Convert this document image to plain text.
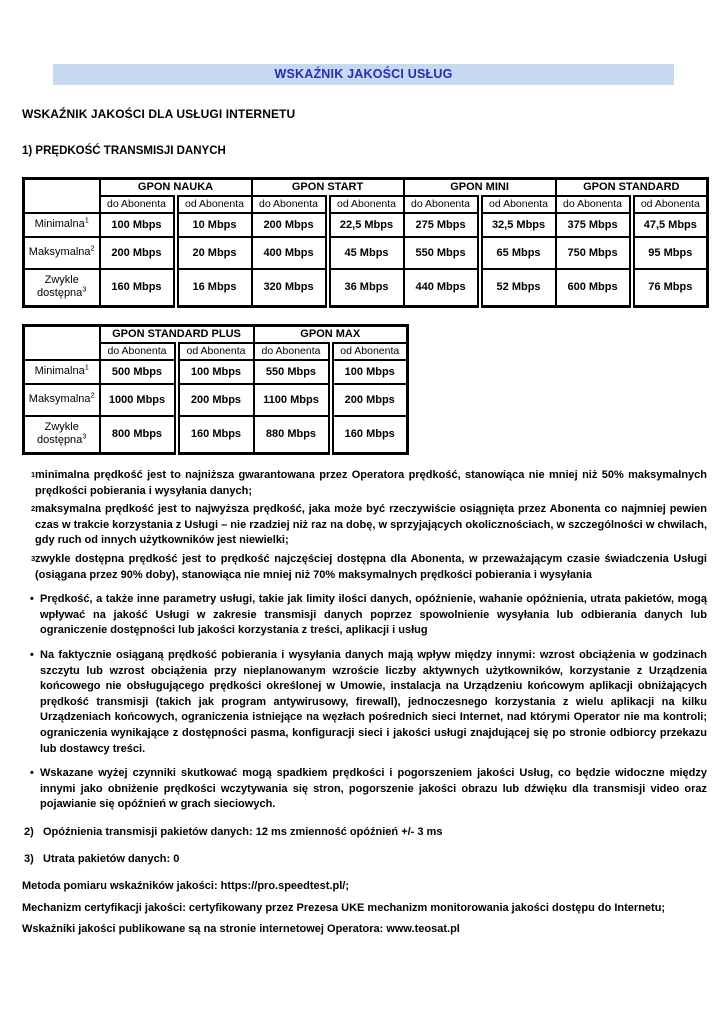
WSKAŹNIK JAKOŚCI USŁUG
WSKAŹNIK JAKOŚCI DLA USŁUGI INTERNETU
1) PRĘDKOŚĆ TRANSMISJI DANYCH
	GPON NAUKA		GPON START		GPON MINI		GPON STANDARD	
	do Abonenta	od Abonenta	do Abonenta	od Abonenta	do Abonenta	od Abonenta	do Abonenta	od Abonenta
Minimalna$^1$	100 Mbps	10 Mbps	200 Mbps	22,5 Mbps	275 Mbps	32,5 Mbps	375 Mbps	47,5 Mbps
Maksymalna$^2$	200 Mbps	20 Mbps	400 Mbps	45 Mbps	550 Mbps	65 Mbps	750 Mbps	95 Mbps
Zwykle dostępna$^3$	160 Mbps	16 Mbps	320 Mbps	36 Mbps	440 Mbps	52 Mbps	600 Mbps	76 Mbps
	GPON STANDARD PLUS		GPON MAX	
	do Abonenta	od Abonenta	do Abonenta	od Abonenta
Minimalna$^1$	500 Mbps	100 Mbps	550 Mbps	100 Mbps
Maksymalna$^2$	1000 Mbps	200 Mbps	1100 Mbps	200 Mbps
Zwykle dostępna$^3$	800 Mbps	160 Mbps	880 Mbps	160 Mbps
1 minimalna prędkość jest to najniższa gwarantowana przez Operatora prędkość, stanowiąca nie mniej niż 50% maksymalnych prędkości pobierania i wysyłania danych;
2 maksymalna prędkość jest to najwyższa prędkość, jaka może być rzeczywiście osiągnięta przez Abonenta co najmniej pewien czas w trakcie korzystania z Usługi – nie rzadziej niż raz na dobę, w sprzyjających okolicznościach, w szczególności w chwilach, gdy ruch od innych użytkowników jest niewielki;
3 zwykle dostępna prędkość jest to prędkość najczęściej dostępna dla Abonenta, w przeważającym czasie świadczenia Usługi (osiągana przez 90% doby), stanowiąca nie mniej niż 70% maksymalnych prędkości pobierania i wysyłania
• Prędkość, a także inne parametry usługi, takie jak limity ilości danych, opóźnienie, wahanie opóźnienia, utrata pakietów, mogą wpływać na jakość Usługi w zakresie transmisji danych poprzez spowolnienie wysyłania lub odbierania danych lub ograniczenie dostępności lub jakości korzystania z treści, aplikacji i usług
• Na faktycznie osiąganą prędkość pobierania i wysyłania danych mają wpływ między innymi: wzrost obciążenia w godzinach szczytu lub wzrost obciążenia przy nieplanowanym wzroście liczby aktywnych użytkowników, korzystanie z Urządzenia końcowego nie obsługującego prędkości określonej w Umowie, instalacja na Urządzeniu końcowym aplikacji obniżających prędkość transmisji (takich jak program antywirusowy, firewall), jednoczesnego korzystania z wielu aplikacji na kilku Urządzeniach końcowych, ograniczenia istniejące na węzłach pośrednich sieci Internet, nad którymi Operator nie ma kontroli; ograniczenia wynikające z dostępności pasma, konfiguracji sieci i jakości usługi znajdującej się po stronie odbiorcy przekazu lub dostawcy treści.
• Wskazane wyżej czynniki skutkować mogą spadkiem prędkości i pogorszeniem jakości Usług, co będzie widoczne między innymi jako obniżenie prędkości wczytywania się stron, pogorszenie jakości obrazu lub dźwięku dla transmisji video oraz pojawianie się opóźnień w grach sieciowych.
2) Opóźnienia transmisji pakietów danych: 12 ms zmienność opóźnień +/- 3 ms
3) Utrata pakietów danych: 0

Metoda pomiaru wskaźników jakości: https://pro.speedtest.pl/;

Mechanizm certyfikacji jakości: certyfikowany przez Prezesa UKE mechanizm monitorowania jakości dostępu do Internetu;

Wskaźniki jakości publikowane są na stronie internetowej Operatora: www.teosat.pl
